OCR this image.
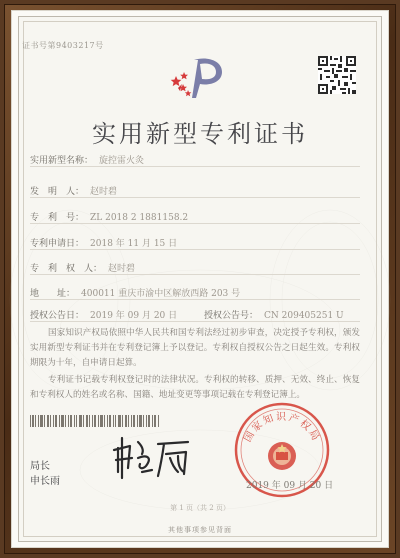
证书号第9403217号
实用新型专利证书
实用新型名称： 旋控雷火灸
发　明　人： 赵时碧
专　利　号： ZL 2018 2 1881158.2
专利申请日： 2018 年 11 月 15 日
专　利　权　人： 赵时碧
地　　址： 400011 重庆市渝中区解放西路 203 号
授权公告日： 2019 年 09 月 20 日	授权公告号： CN 209405251 U
国家知识产权局依照中华人民共和国专利法经过初步审查，决定授予专利权，颁发实用新型专利证书并在专利登记簿上予以登记。专利权自授权公告之日起生效。专利权期限为十年，自申请日起算。
专利证书记载专利权登记时的法律状况。专利权的转移、质押、无效、终止、恢复和专利权人的姓名或名称、国籍、地址变更等事项记载在专利登记簿上。
局长
申长雨
国家知识产权局
2019 年 09 月 20 日
第 1 页（共 2 页）
其他事项参见背面
